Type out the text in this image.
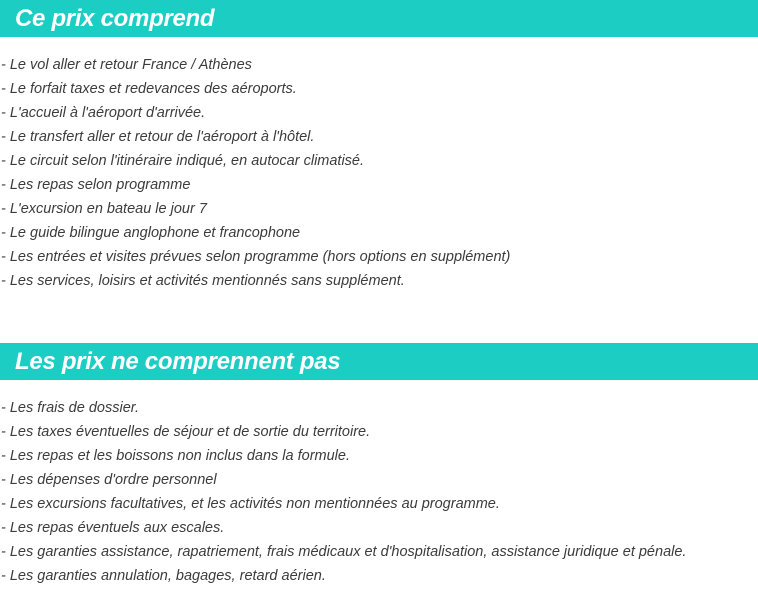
Ce prix comprend
- Le vol aller et retour France / Athènes
- Le forfait taxes et redevances des aéroports.
- L'accueil à l'aéroport d'arrivée.
- Le transfert aller et retour de l'aéroport à l'hôtel.
- Le circuit selon l'itinéraire indiqué, en autocar climatisé.
- Les repas selon programme
- L'excursion en bateau le jour 7
- Le guide bilingue anglophone et francophone
- Les entrées et visites prévues selon programme (hors options en supplément)
- Les services, loisirs et activités mentionnés sans supplément.
Les prix ne comprennent pas
- Les frais de dossier.
- Les taxes éventuelles de séjour et de sortie du territoire.
- Les repas et les boissons non inclus dans la formule.
- Les dépenses d'ordre personnel
- Les excursions facultatives, et les activités non mentionnées au programme.
- Les repas éventuels aux escales.
- Les garanties assistance, rapatriement, frais médicaux et d'hospitalisation, assistance juridique et pénale.
- Les garanties annulation, bagages, retard aérien.
